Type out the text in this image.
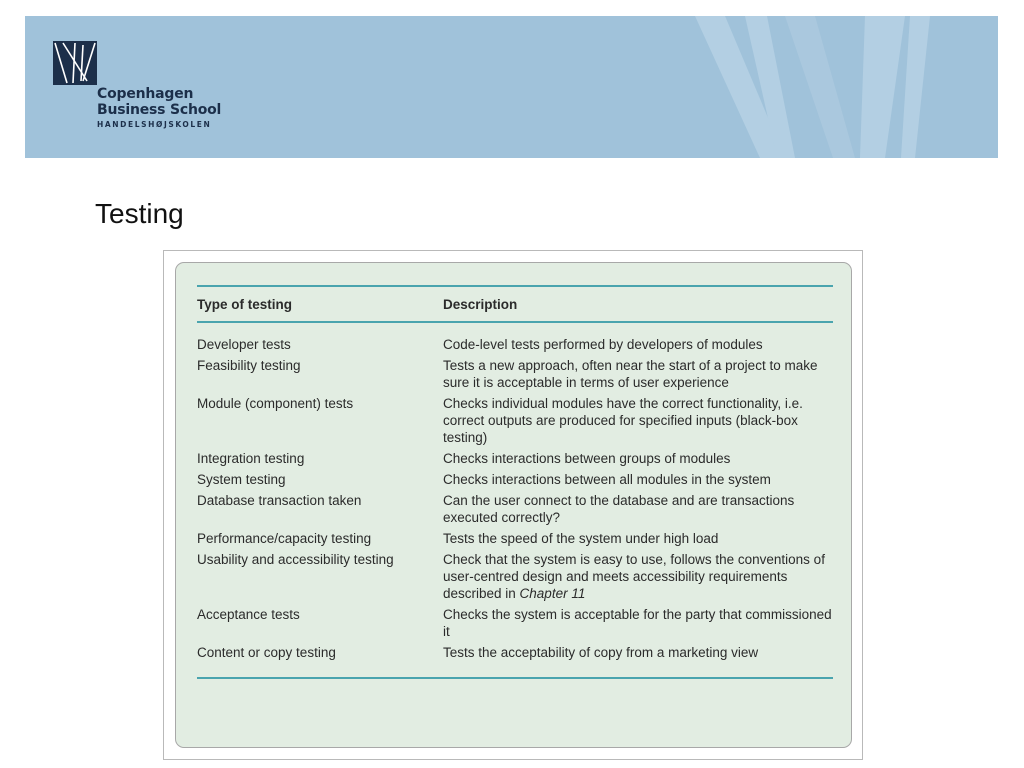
Copenhagen
Business School
HANDELSHØJSKOLEN
Testing
Type of testing	Description
Developer tests	Code-level tests performed by developers of modules
Feasibility testing	Tests a new approach, often near the start of a project to make sure it is acceptable in terms of user experience
Module (component) tests	Checks individual modules have the correct functionality, i.e. correct outputs are produced for specified inputs (black-box testing)
Integration testing	Checks interactions between groups of modules
System testing	Checks interactions between all modules in the system
Database transaction taken	Can the user connect to the database and are transactions executed correctly?
Performance/capacity testing	Tests the speed of the system under high load
Usability and accessibility testing	Check that the system is easy to use, follows the conventions of user-centred design and meets accessibility requirements described in Chapter 11
Acceptance tests	Checks the system is acceptable for the party that commissioned it
Content or copy testing	Tests the acceptability of copy from a marketing view
